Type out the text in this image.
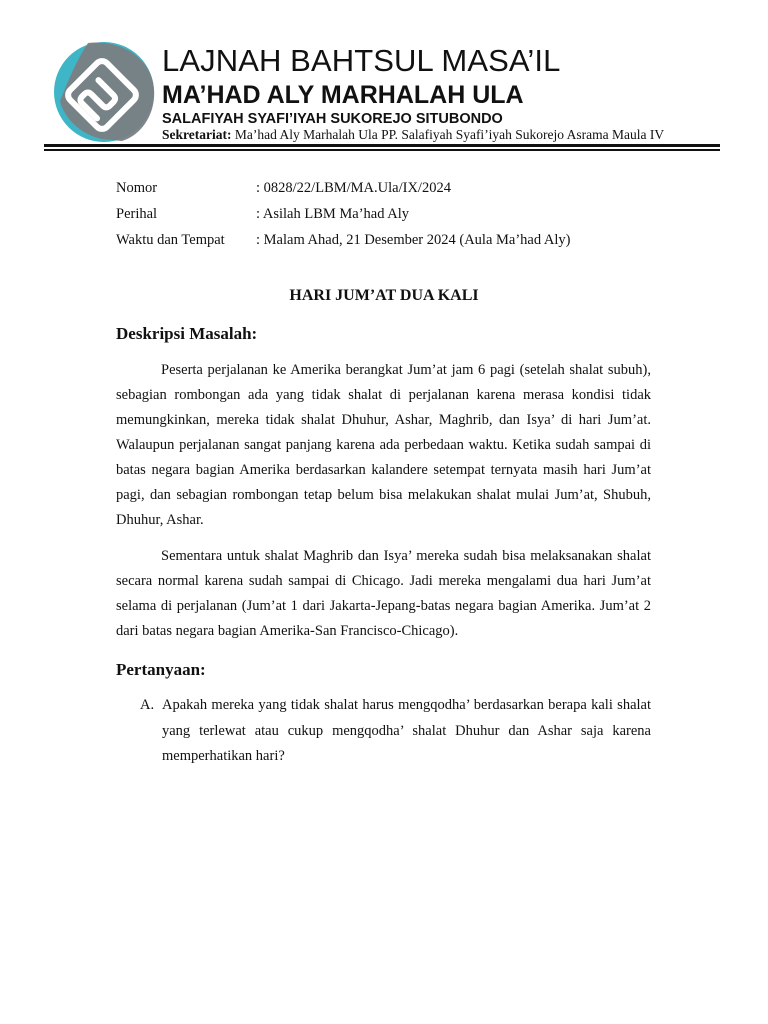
LAJNAH BAHTSUL MASA’IL
MA’HAD ALY MARHALAH ULA
SALAFIYAH SYAFI’IYAH SUKOREJO SITUBONDO
Sekretariat: Ma’had Aly Marhalah Ula PP. Salafiyah Syafi’iyah Sukorejo Asrama Maula IV
Nomor	: 0828/22/LBM/MA.Ula/IX/2024
Perihal	: Asilah LBM Ma’had Aly
Waktu dan Tempat : Malam Ahad, 21 Desember 2024 (Aula Ma’had Aly)
HARI JUM’AT DUA KALI
Deskripsi Masalah:

Peserta perjalanan ke Amerika berangkat Jum’at jam 6 pagi (setelah shalat subuh), sebagian rombongan ada yang tidak shalat di perjalanan karena merasa kondisi tidak memungkinkan, mereka tidak shalat Dhuhur, Ashar, Maghrib, dan Isya’ di hari Jum’at. Walaupun perjalanan sangat panjang karena ada perbedaan waktu. Ketika sudah sampai di batas negara bagian Amerika berdasarkan kalandere setempat ternyata masih hari Jum’at pagi, dan sebagian rombongan tetap belum bisa melakukan shalat mulai Jum’at, Shubuh, Dhuhur, Ashar.

Sementara untuk shalat Maghrib dan Isya’ mereka sudah bisa melaksanakan shalat secara normal karena sudah sampai di Chicago. Jadi mereka mengalami dua hari Jum’at selama di perjalanan (Jum’at 1 dari Jakarta-Jepang-batas negara bagian Amerika. Jum’at 2 dari batas negara bagian Amerika-San Francisco-Chicago).

Pertanyaan:
A. Apakah mereka yang tidak shalat harus mengqodha’ berdasarkan berapa kali shalat yang terlewat atau cukup mengqodha’ shalat Dhuhur dan Ashar saja karena memperhatikan hari?
